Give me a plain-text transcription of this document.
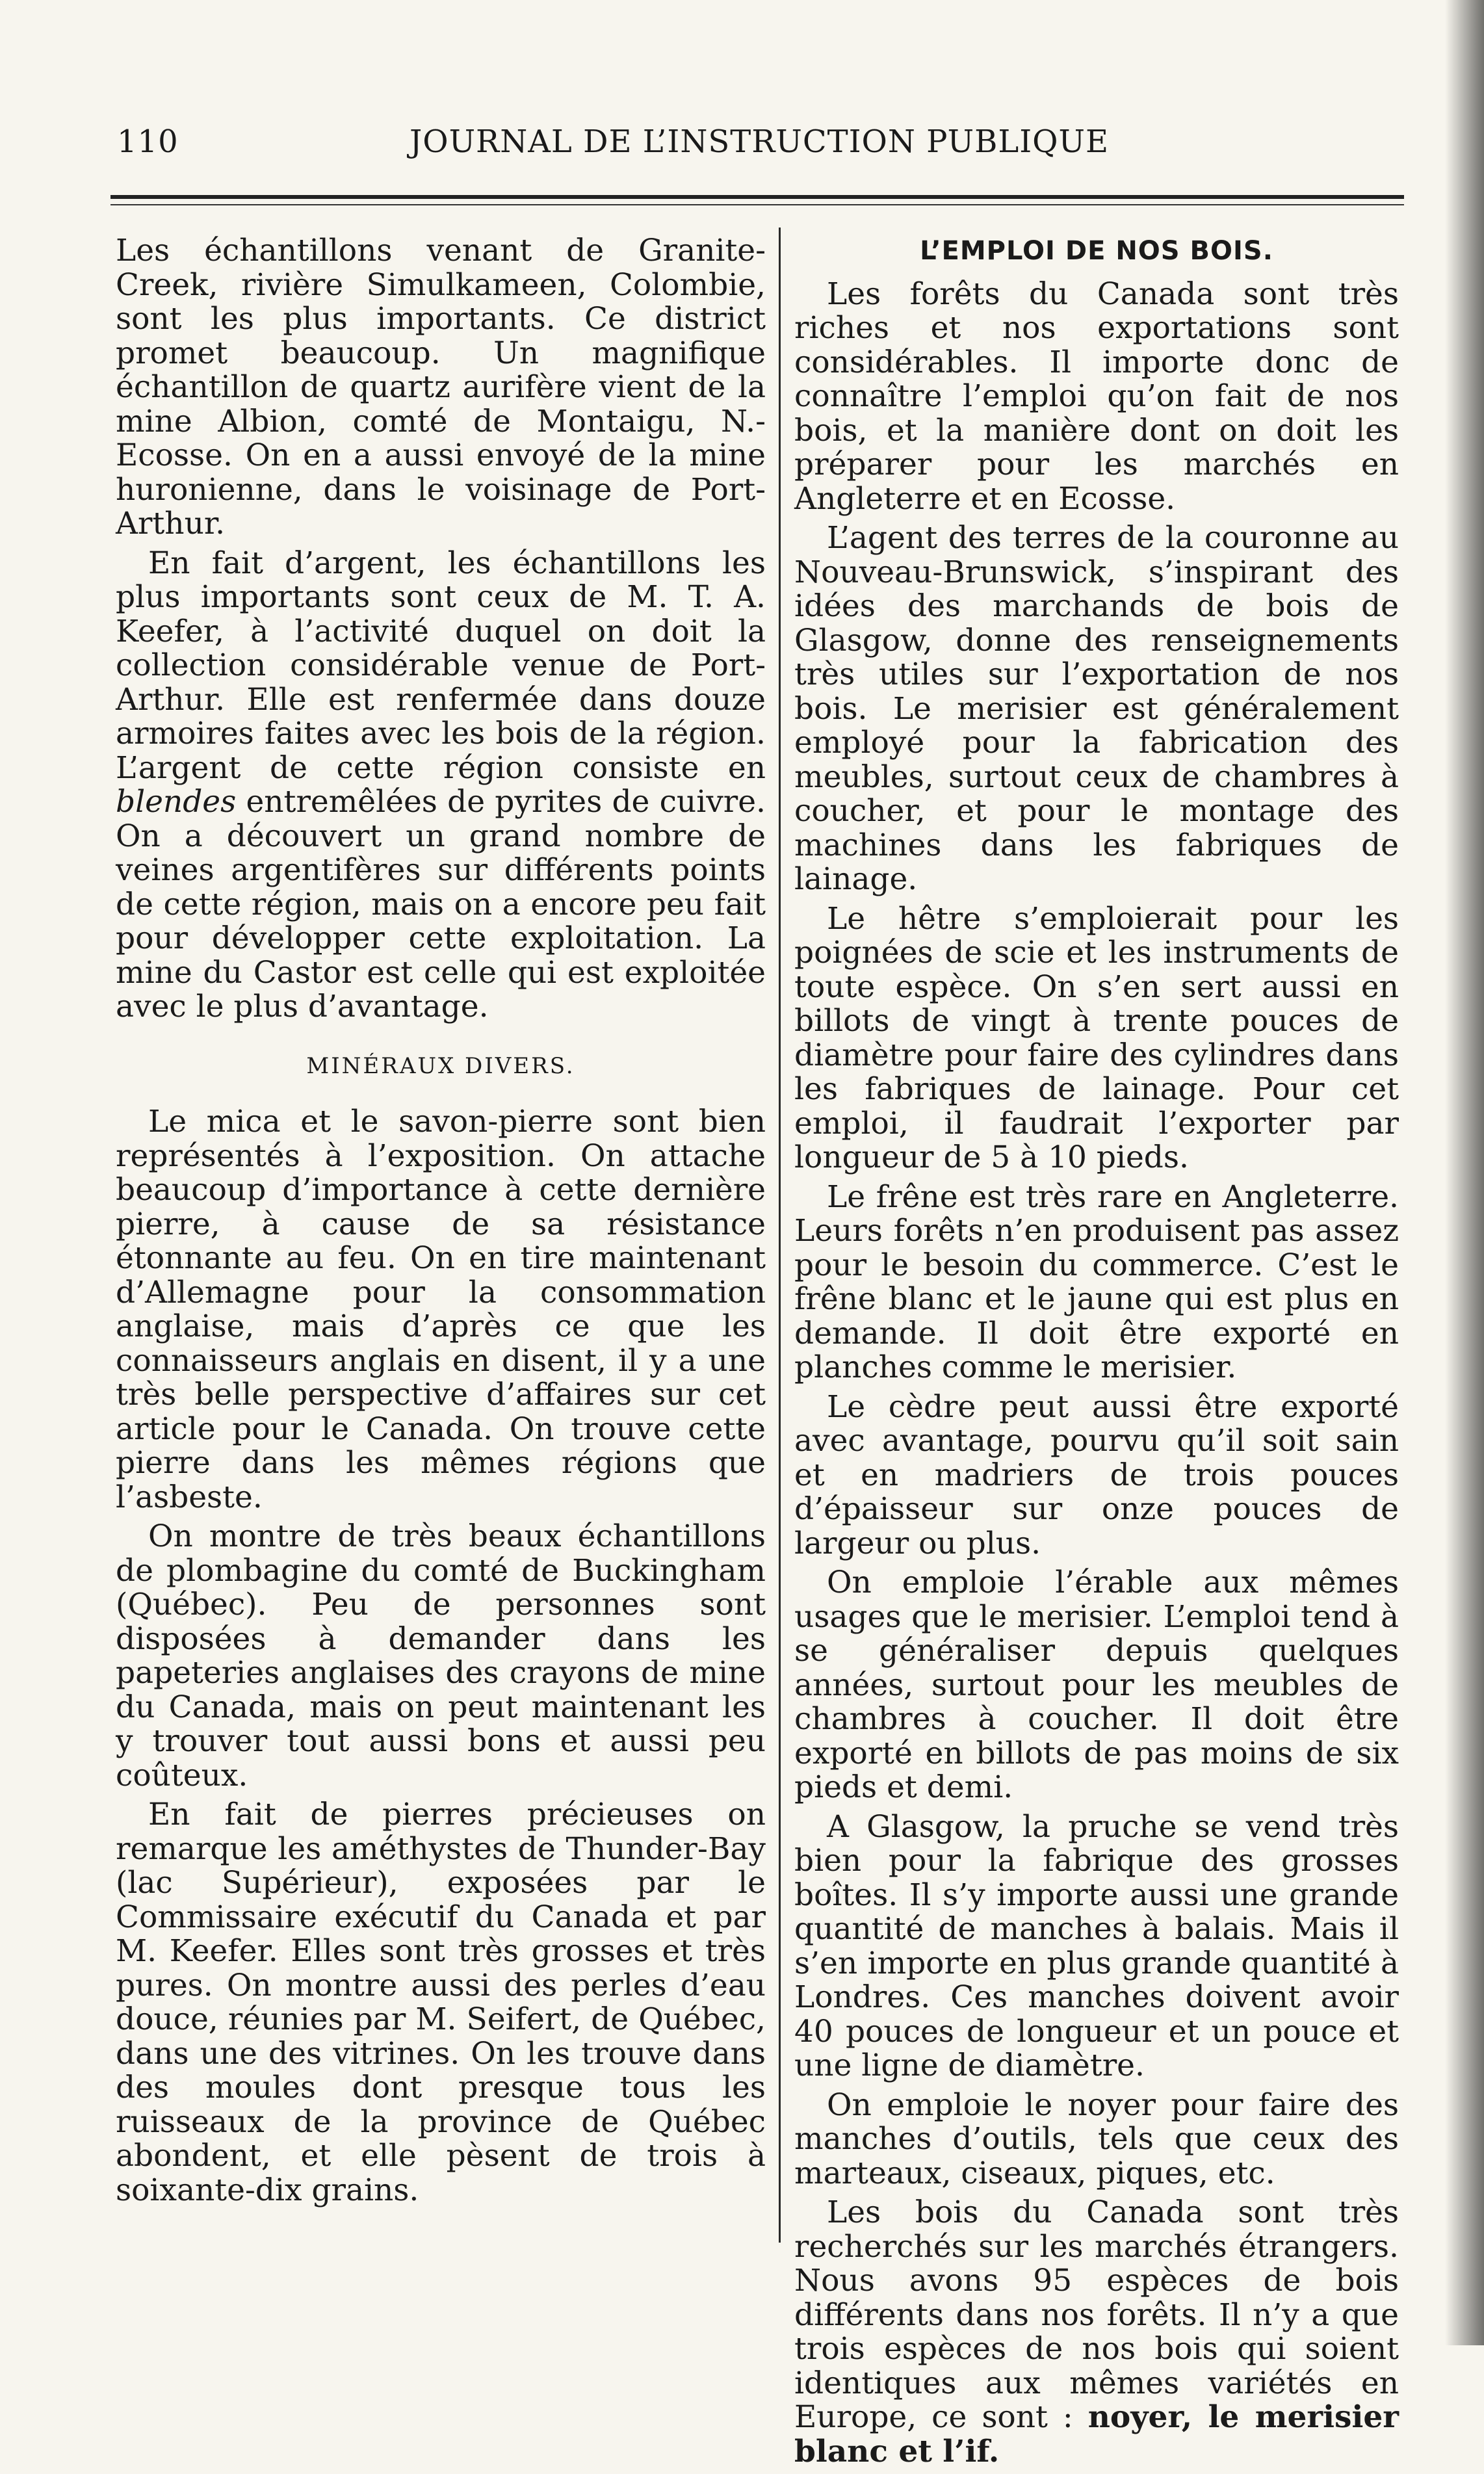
110	JOURNAL DE L’INSTRUCTION PUBLIQUE

Les échantillons venant de Granite-Creek, rivière Simulkameen, Colombie, sont les plus importants. Ce district promet beaucoup. Un magnifique échantillon de quartz aurifère vient de la mine Albion, comté de Montaigu, N.-Ecosse. On en a aussi envoyé de la mine huronienne, dans le voisinage de Port-Arthur.

En fait d’argent, les échantillons les plus importants sont ceux de M. T. A. Keefer, à l’activité duquel on doit la collection considérable venue de Port-Arthur. Elle est renfermée dans douze armoires faites avec les bois de la région. L’argent de cette région consiste en blendes entremêlées de pyrites de cuivre. On a découvert un grand nombre de veines argentifères sur différents points de cette région, mais on a encore peu fait pour développer cette exploitation. La mine du Castor est celle qui est exploitée avec le plus d’avantage.

MINÉRAUX DIVERS.

Le mica et le savon-pierre sont bien représentés à l’exposition. On attache beaucoup d’importance à cette dernière pierre, à cause de sa résistance étonnante au feu. On en tire maintenant d’Allemagne pour la consommation anglaise, mais d’après ce que les connaisseurs anglais en disent, il y a une très belle perspective d’affaires sur cet article pour le Canada. On trouve cette pierre dans les mêmes régions que l’asbeste.

On montre de très beaux échantillons de plombagine du comté de Buckingham (Québec). Peu de personnes sont disposées à demander dans les papeteries anglaises des crayons de mine du Canada, mais on peut maintenant les y trouver tout aussi bons et aussi peu coûteux.

En fait de pierres précieuses on remarque les améthystes de Thunder-Bay (lac Supérieur), exposées par le Commissaire exécutif du Canada et par M. Keefer. Elles sont très grosses et très pures. On montre aussi des perles d’eau douce, réunies par M. Seifert, de Québec, dans une des vitrines. On les trouve dans des moules dont presque tous les ruisseaux de la province de Québec abondent, et elle pèsent de trois à soixante-dix grains.

L’EMPLOI DE NOS BOIS.

Les forêts du Canada sont très riches et nos exportations sont considérables. Il importe donc de connaître l’emploi qu’on fait de nos bois, et la manière dont on doit les préparer pour les marchés en Angleterre et en Ecosse.

L’agent des terres de la couronne au Nouveau-Brunswick, s’inspirant des idées des marchands de bois de Glasgow, donne des renseignements très utiles sur l’exportation de nos bois. Le merisier est généralement employé pour la fabrication des meubles, surtout ceux de chambres à coucher, et pour le montage des machines dans les fabriques de lainage.

Le hêtre s’emploierait pour les poignées de scie et les instruments de toute espèce. On s’en sert aussi en billots de vingt à trente pouces de diamètre pour faire des cylindres dans les fabriques de lainage. Pour cet emploi, il faudrait l’exporter par longueur de 5 à 10 pieds.

Le frêne est très rare en Angleterre. Leurs forêts n’en produisent pas assez pour le besoin du commerce. C’est le frêne blanc et le jaune qui est plus en demande. Il doit être exporté en planches comme le merisier.

Le cèdre peut aussi être exporté avec avantage, pourvu qu’il soit sain et en madriers de trois pouces d’épaisseur sur onze pouces de largeur ou plus.

On emploie l’érable aux mêmes usages que le merisier. L’emploi tend à se généraliser depuis quelques années, surtout pour les meubles de chambres à coucher. Il doit être exporté en billots de pas moins de six pieds et demi.

A Glasgow, la pruche se vend très bien pour la fabrique des grosses boîtes. Il s’y importe aussi une grande quantité de manches à balais. Mais il s’en importe en plus grande quantité à Londres. Ces manches doivent avoir 40 pouces de longueur et un pouce et une ligne de diamètre.

On emploie le noyer pour faire des manches d’outils, tels que ceux des marteaux, ciseaux, piques, etc.

Les bois du Canada sont très recherchés sur les marchés étrangers. Nous avons 95 espèces de bois différents dans nos forêts. Il n’y a que trois espèces de nos bois qui soient identiques aux mêmes variétés en Europe, ce sont : noyer, le merisier blanc et l’if.
